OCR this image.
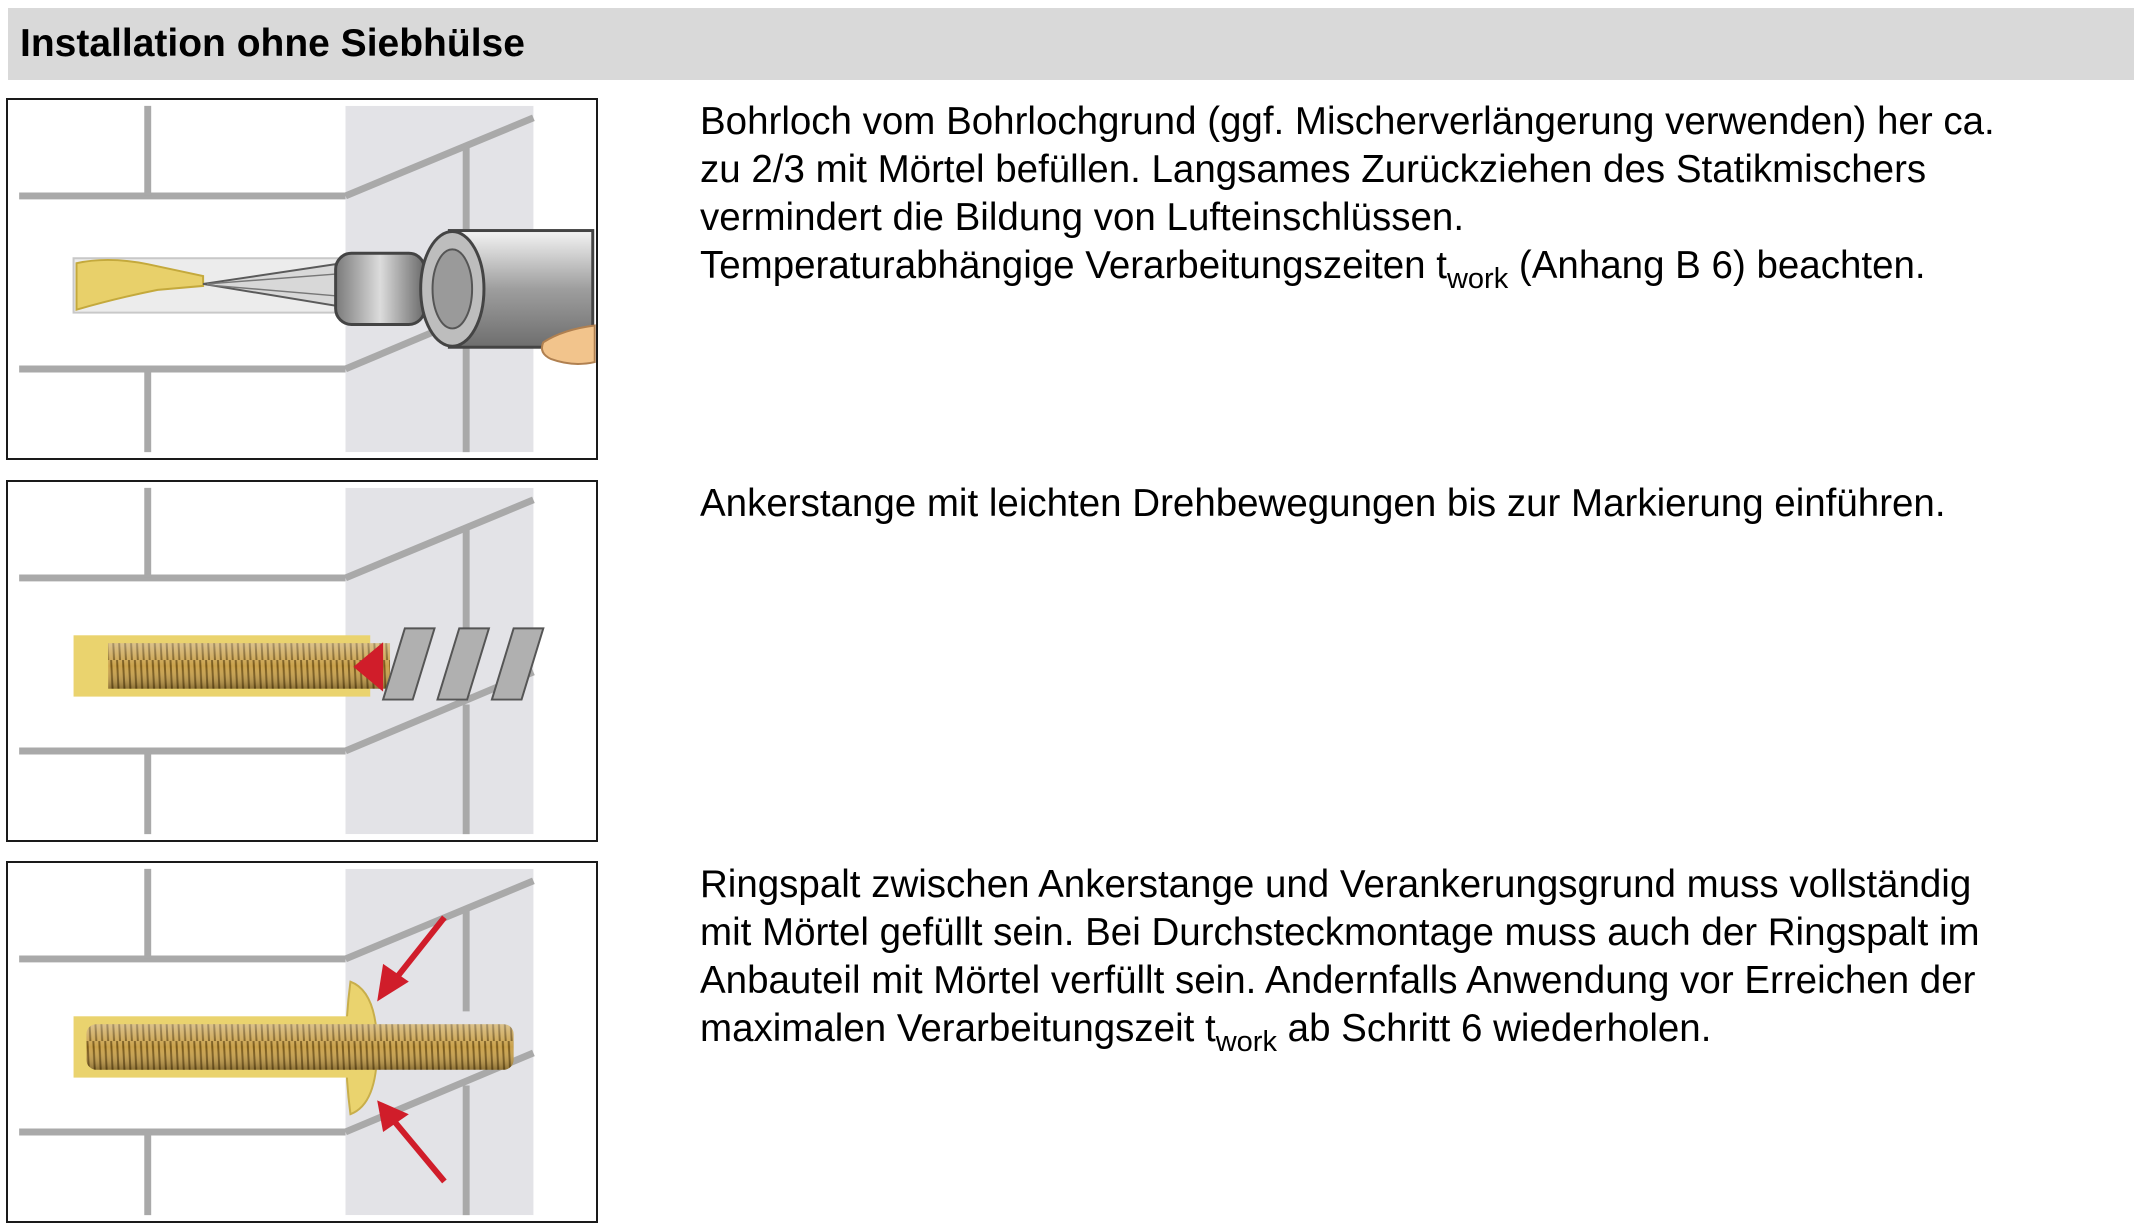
Installation ohne Siebhülse

Bohrloch vom Bohrlochgrund (ggf. Mischerverlängerung verwenden) her ca.

zu 2/3 mit Mörtel befüllen. Langsames Zurückziehen des Statikmischers

vermindert die Bildung von Lufteinschlüssen.

Temperaturabhängige Verarbeitungszeiten $t_{work}$ (Anhang B 6) beachten.

Ankerstange mit leichten Drehbewegungen bis zur Markierung einführen.

Ringspalt zwischen Ankerstange und Verankerungsgrund muss vollständig

mit Mörtel gefüllt sein. Bei Durchsteckmontage muss auch der Ringspalt im

Anbauteil mit Mörtel verfüllt sein. Andernfalls Anwendung vor Erreichen der

maximalen Verarbeitungszeit $t_{work}$ ab Schritt 6 wiederholen.
